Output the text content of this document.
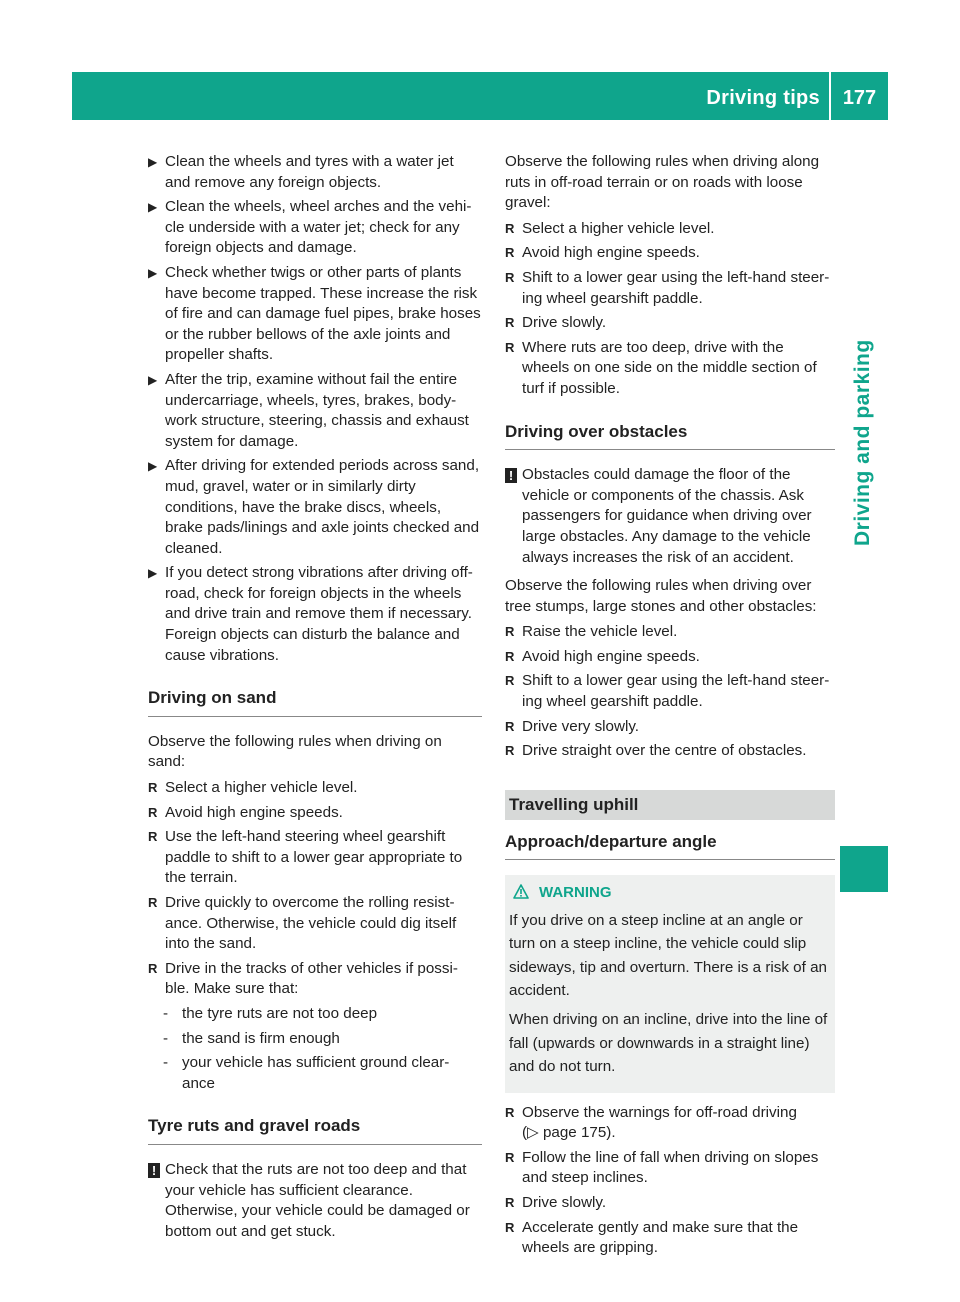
Driving tips	177
Driving and parking
▶ Clean the wheels and tyres with a water jet and remove any foreign objects.
▶ Clean the wheels, wheel arches and the vehi-cle underside with a water jet; check for any foreign objects and damage.
▶ Check whether twigs or other parts of plants have become trapped. These increase the risk of fire and can damage fuel pipes, brake hoses or the rubber bellows of the axle joints and propeller shafts.
▶ After the trip, examine without fail the entire undercarriage, wheels, tyres, brakes, body-work structure, steering, chassis and exhaust system for damage.
▶ After driving for extended periods across sand, mud, gravel, water or in similarly dirty conditions, have the brake discs, wheels, brake pads/linings and axle joints checked and cleaned.
▶ If you detect strong vibrations after driving off-road, check for foreign objects in the wheels and drive train and remove them if necessary. Foreign objects can disturb the balance and cause vibrations.
Driving on sand

Observe the following rules when driving on sand:

R Select a higher vehicle level.
R Avoid high engine speeds.
R Use the left-hand steering wheel gearshift paddle to shift to a lower gear appropriate to the terrain.
R Drive quickly to overcome the rolling resist-ance. Otherwise, the vehicle could dig itself into the sand.
R Drive in the tracks of other vehicles if possi-ble. Make sure that:
- the tyre ruts are not too deep
- the sand is firm enough
- your vehicle has sufficient ground clear-ance
Tyre ruts and gravel roads
! Check that the ruts are not too deep and that your vehicle has sufficient clearance. Otherwise, your vehicle could be damaged or bottom out and get stuck.

Observe the following rules when driving along ruts in off-road terrain or on roads with loose gravel:

R Select a higher vehicle level.
R Avoid high engine speeds.
R Shift to a lower gear using the left-hand steer-ing wheel gearshift paddle.
R Drive slowly.
R Where ruts are too deep, drive with the wheels on one side on the middle section of turf if possible.
Driving over obstacles
! Obstacles could damage the floor of the vehicle or components of the chassis. Ask passengers for guidance when driving over large obstacles. Any damage to the vehicle always increases the risk of an accident.

Observe the following rules when driving over tree stumps, large stones and other obstacles:

R Raise the vehicle level.
R Avoid high engine speeds.
R Shift to a lower gear using the left-hand steer-ing wheel gearshift paddle.
R Drive very slowly.
R Drive straight over the centre of obstacles.
Travelling uphill
Approach/departure angle
WARNING

If you drive on a steep incline at an angle or turn on a steep incline, the vehicle could slip sideways, tip and overturn. There is a risk of an accident.

When driving on an incline, drive into the line of fall (upwards or downwards in a straight line) and do not turn.

R Observe the warnings for off-road driving
(▷ page 175).
R Follow the line of fall when driving on slopes and steep inclines.
R Drive slowly.
R Accelerate gently and make sure that the wheels are gripping.
